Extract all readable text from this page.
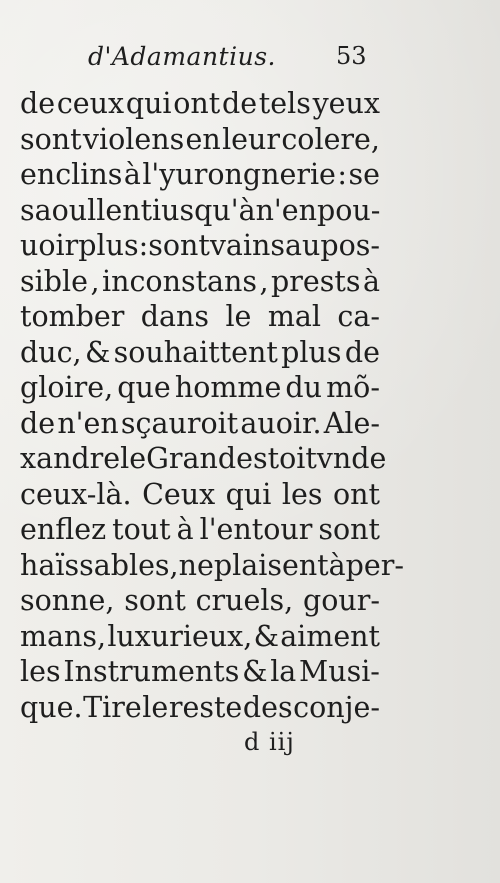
d'Adamantius.	53
de ceux qui ont de tels yeux
sont violens en leur colere,
enclins à l'yurongnerie : se
saoullent iusqu'à n'en pou-
uoir plus: sont vains au pos-
sible , inconstans , prests à
tomber dans le mal ca-
duc, & souhaittent plus de
gloire, que homme du mõ-
de n'en sçauroit auoir. Ale-
xandre le Grand estoit vn de
ceux-là. Ceux qui les ont
enflez tout à l'entour sont
haïssables, ne plaisent à per-
sonne, sont cruels, gour-
mans, luxurieux, & aiment
les Instruments & la Musi-
que. Tire le reste des conje-
d iij
